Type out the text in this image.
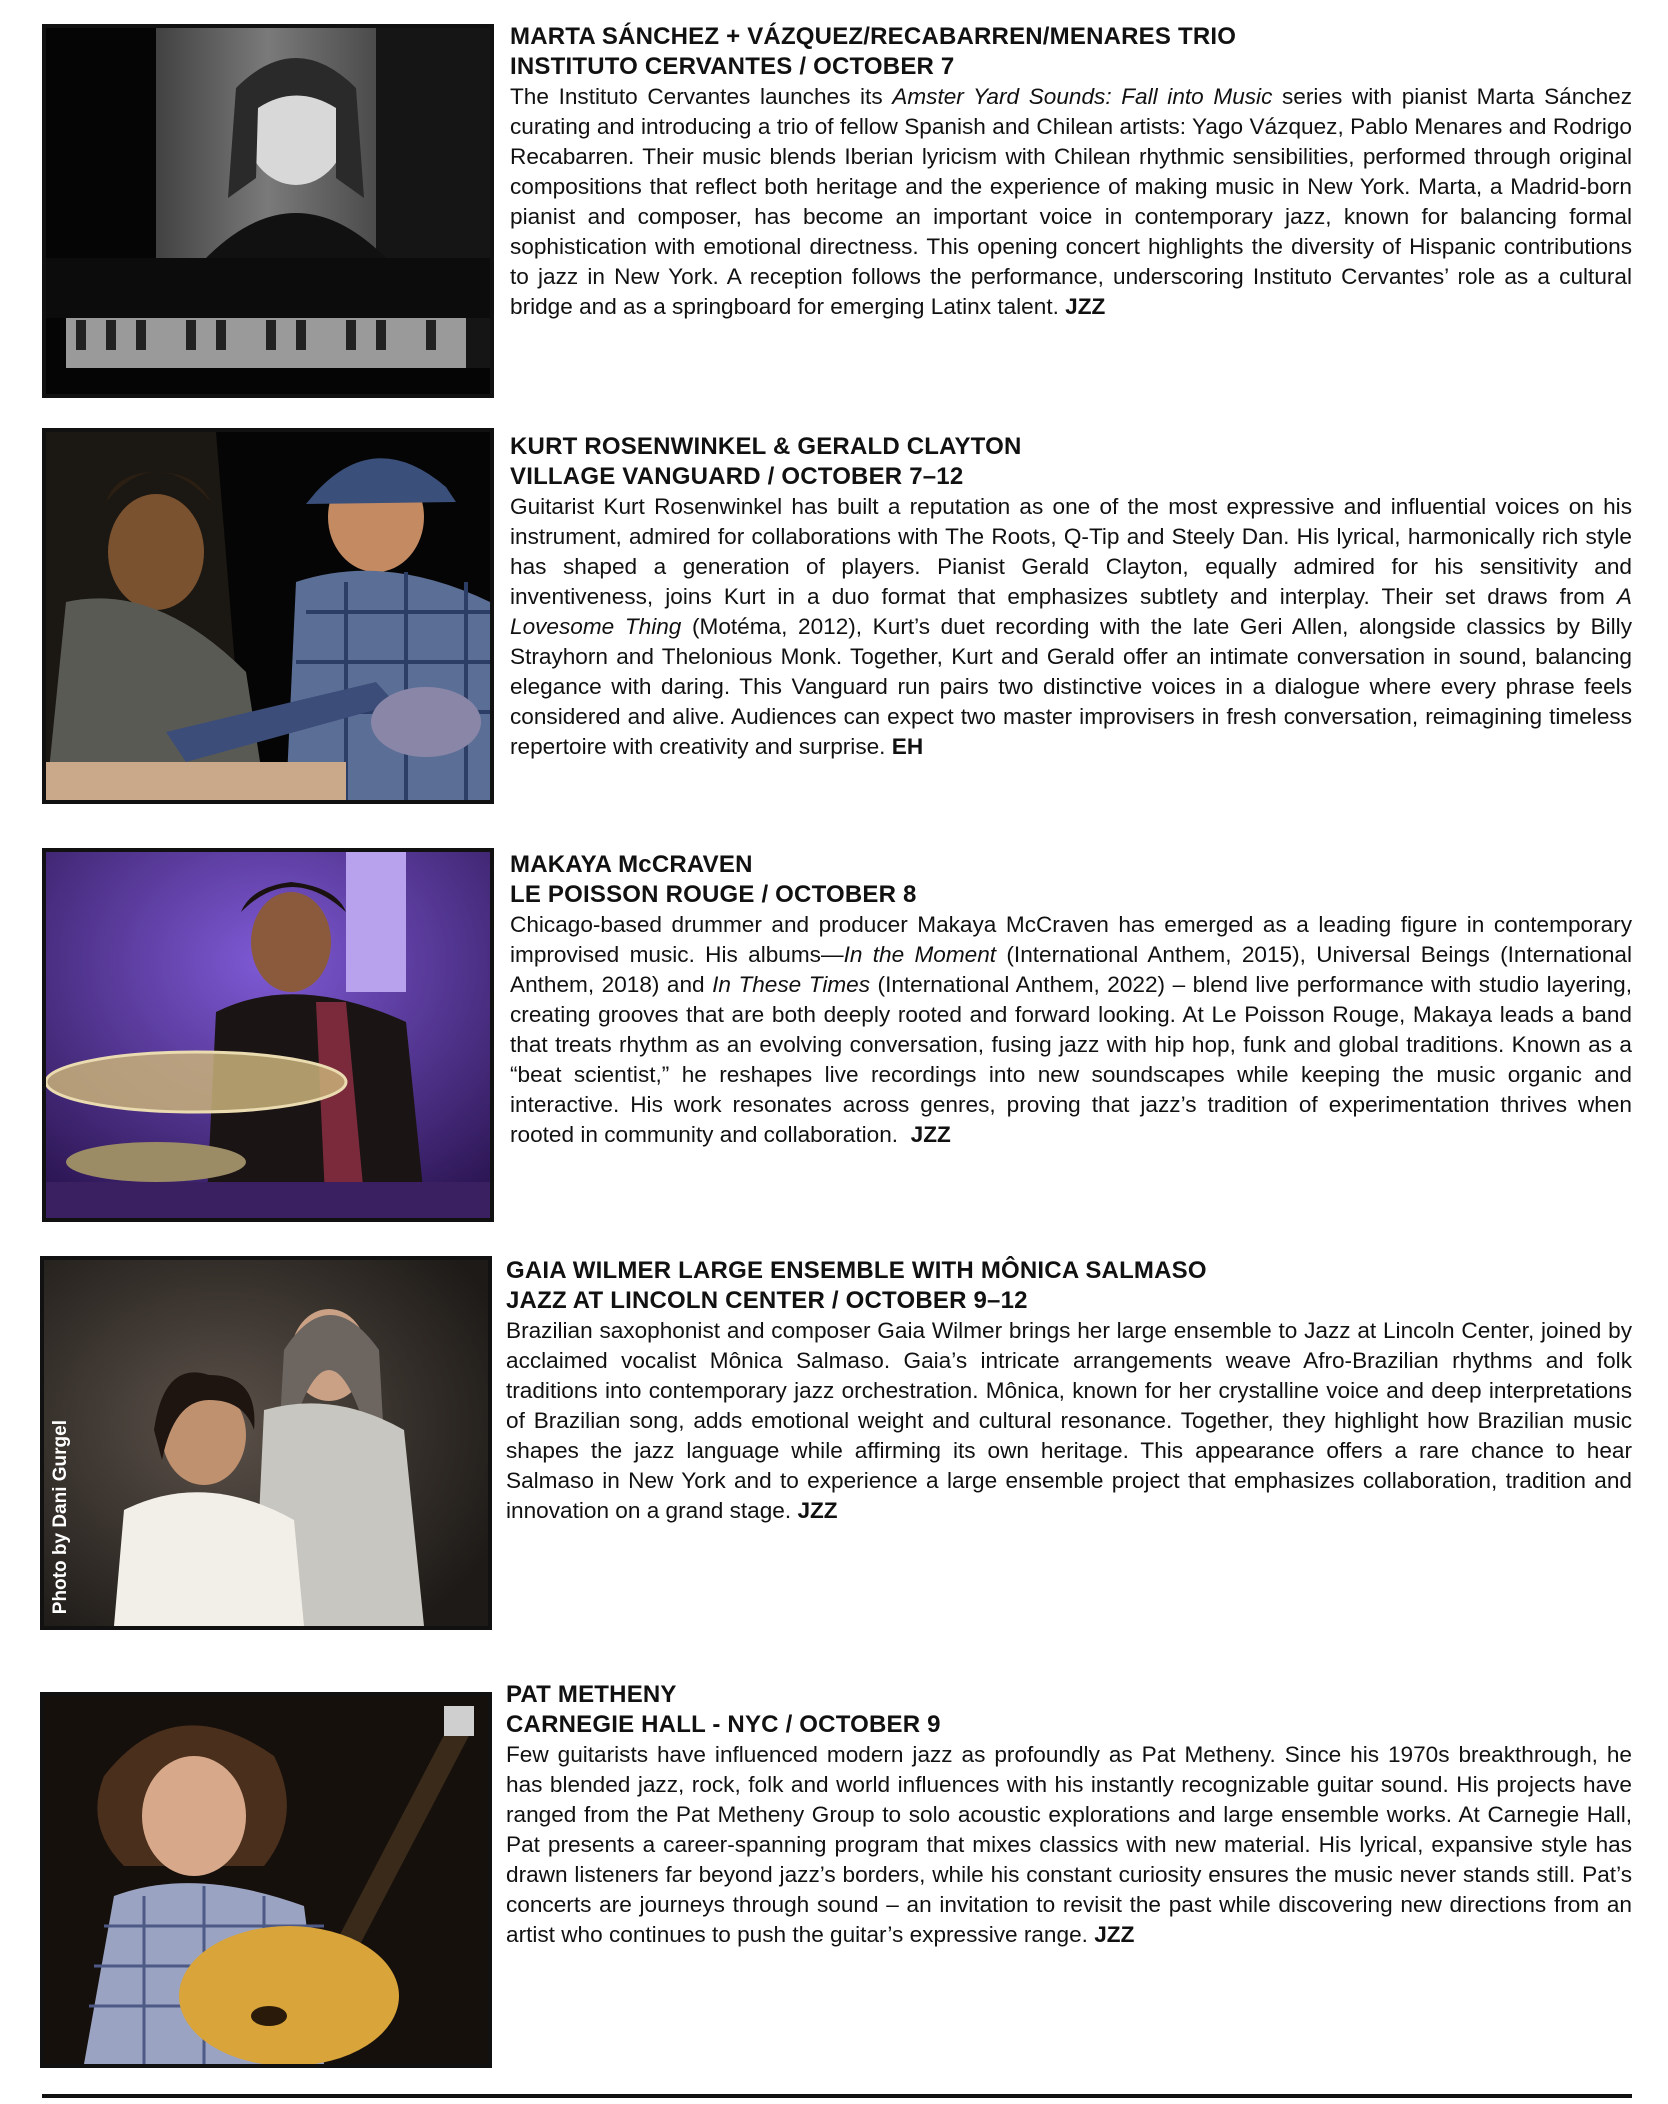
MARTA SÁNCHEZ + VÁZQUEZ/RECABARREN/MENARES TRIO
INSTITUTO CERVANTES / OCTOBER 7
The Instituto Cervantes launches its Amster Yard Sounds: Fall into Music series with pianist Marta Sánchez curating and introducing a trio of fellow Spanish and Chilean artists: Yago Vázquez, Pablo Menares and Rodrigo Recabarren. Their music blends Iberian lyricism with Chilean rhythmic sensibilities, performed through original compositions that reflect both heritage and the experience of making music in New York. Marta, a Madrid-born pianist and composer, has become an important voice in contemporary jazz, known for balancing formal sophistication with emotional directness. This opening concert highlights the diversity of Hispanic contributions to jazz in New York. A reception follows the performance, underscoring Instituto Cervantes’ role as a cultural bridge and as a springboard for emerging Latinx talent. JZZ
KURT ROSENWINKEL & GERALD CLAYTON
VILLAGE VANGUARD / OCTOBER 7–12
Guitarist Kurt Rosenwinkel has built a reputation as one of the most expressive and influential voices on his instrument, admired for collaborations with The Roots, Q-Tip and Steely Dan. His lyrical, harmonically rich style has shaped a generation of players. Pianist Gerald Clayton, equally admired for his sensitivity and inventiveness, joins Kurt in a duo format that emphasizes subtlety and interplay. Their set draws from A Lovesome Thing (Motéma, 2012), Kurt’s duet recording with the late Geri Allen, alongside classics by Billy Strayhorn and Thelonious Monk. Together, Kurt and Gerald offer an intimate conversation in sound, balancing elegance with daring. This Vanguard run pairs two distinctive voices in a dialogue where every phrase feels considered and alive. Audiences can expect two master improvisers in fresh conversation, reimagining timeless repertoire with creativity and surprise. EH
MAKAYA McCRAVEN
LE POISSON ROUGE / OCTOBER 8
Chicago-based drummer and producer Makaya McCraven has emerged as a leading figure in contemporary improvised music. His albums—In the Moment (International Anthem, 2015), Universal Beings (International Anthem, 2018) and In These Times (International Anthem, 2022) – blend live performance with studio layering, creating grooves that are both deeply rooted and forward looking. At Le Poisson Rouge, Makaya leads a band that treats rhythm as an evolving conversation, fusing jazz with hip hop, funk and global traditions. Known as a “beat scientist,” he reshapes live recordings into new soundscapes while keeping the music organic and interactive. His work resonates across genres, proving that jazz’s tradition of experimentation thrives when rooted in community and collaboration. JZZ
Photo by Dani Gurgel
GAIA WILMER LARGE ENSEMBLE WITH MÔNICA SALMASO
JAZZ AT LINCOLN CENTER / OCTOBER 9–12
Brazilian saxophonist and composer Gaia Wilmer brings her large ensemble to Jazz at Lincoln Center, joined by acclaimed vocalist Mônica Salmaso. Gaia’s intricate arrangements weave Afro-Brazilian rhythms and folk traditions into contemporary jazz orchestration. Mônica, known for her crystalline voice and deep interpretations of Brazilian song, adds emotional weight and cultural resonance. Together, they highlight how Brazilian music shapes the jazz language while affirming its own heritage. This appearance offers a rare chance to hear Salmaso in New York and to experience a large ensemble project that emphasizes collaboration, tradition and innovation on a grand stage. JZZ
PAT METHENY
CARNEGIE HALL - NYC / OCTOBER 9
Few guitarists have influenced modern jazz as profoundly as Pat Metheny. Since his 1970s breakthrough, he has blended jazz, rock, folk and world influences with his instantly recognizable guitar sound. His projects have ranged from the Pat Metheny Group to solo acoustic explorations and large ensemble works. At Carnegie Hall, Pat presents a career-spanning program that mixes classics with new material. His lyrical, expansive style has drawn listeners far beyond jazz’s borders, while his constant curiosity ensures the music never stands still. Pat’s concerts are journeys through sound – an invitation to revisit the past while discovering new directions from an artist who continues to push the guitar’s expressive range. JZZ
